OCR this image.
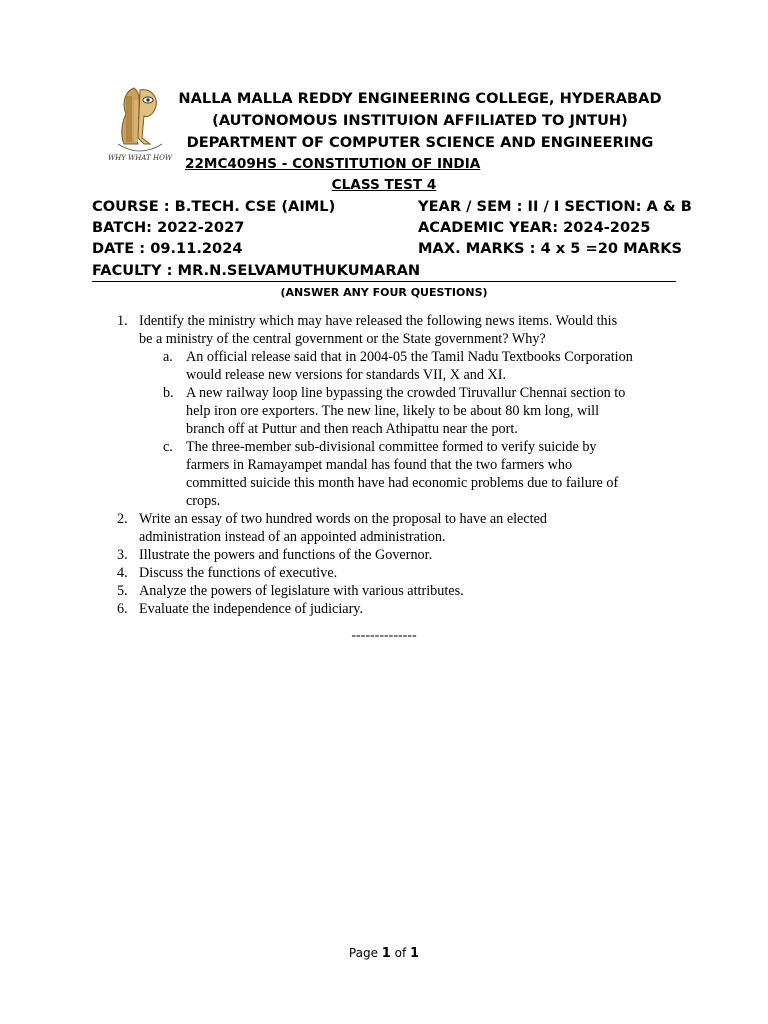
WHY WHAT HOW
NALLA MALLA REDDY ENGINEERING COLLEGE, HYDERABAD
(AUTONOMOUS INSTITUION AFFILIATED TO JNTUH)
DEPARTMENT OF COMPUTER SCIENCE AND ENGINEERING
22MC409HS - CONSTITUTION OF INDIA
CLASS TEST 4
COURSE : B.TECH. CSE (AIML)	YEAR / SEM : II / I SECTION: A & B
BATCH: 2022-2027	ACADEMIC YEAR: 2024-2025
DATE : 09.11.2024	MAX. MARKS : 4 x 5 =20 MARKS
FACULTY : MR.N.SELVAMUTHUKUMARAN
(ANSWER ANY FOUR QUESTIONS)
1. Identify the ministry which may have released the following news items. Would this
be a ministry of the central government or the State government? Why?
a. An official release said that in 2004-05 the Tamil Nadu Textbooks Corporation
would release new versions for standards VII, X and XI.
b. A new railway loop line bypassing the crowded Tiruvallur Chennai section to
help iron ore exporters. The new line, likely to be about 80 km long, will
branch off at Puttur and then reach Athipattu near the port.
c. The three-member sub-divisional committee formed to verify suicide by
farmers in Ramayampet mandal has found that the two farmers who
committed suicide this month have had economic problems due to failure of
crops.
2. Write an essay of two hundred words on the proposal to have an elected
administration instead of an appointed administration.
3. Illustrate the powers and functions of the Governor.
4. Discuss the functions of executive.
5. Analyze the powers of legislature with various attributes.
6. Evaluate the independence of judiciary.
--------------
Page 1 of 1
